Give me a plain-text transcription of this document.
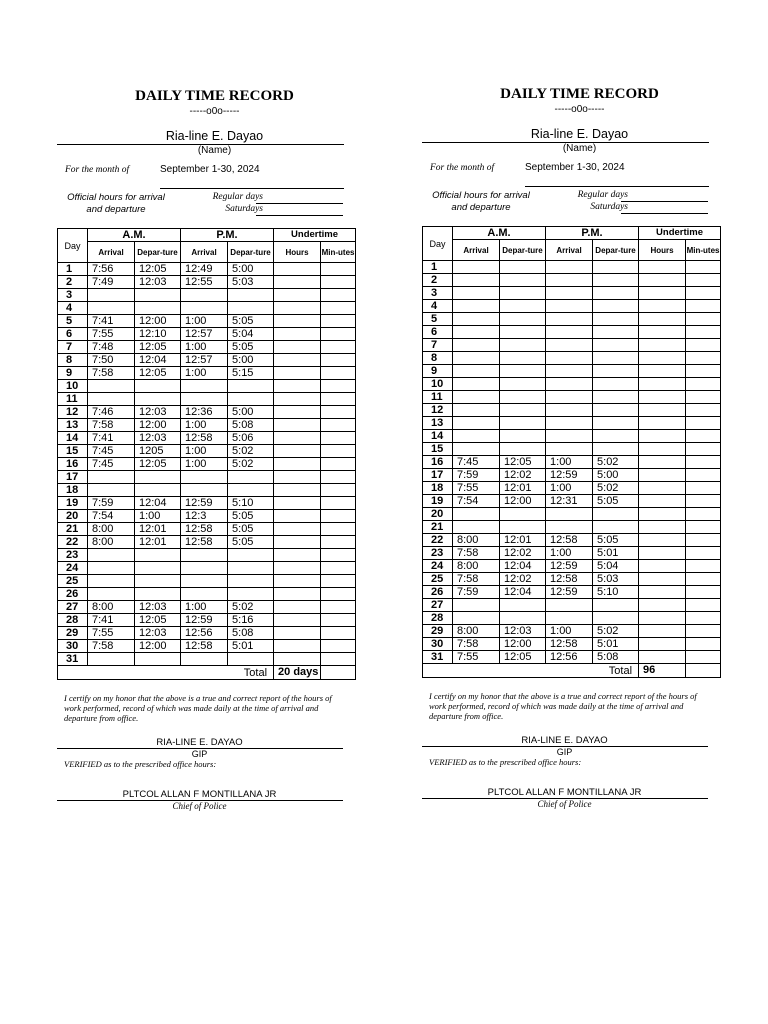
DAILY TIME RECORD
-----o0o-----
Ria-line E. Dayao
(Name)
For the month of	September 1-30, 2024
Official hours for arrival and departure
Regular days
Saturdays
Day	A.M.		P.M.		Undertime	
	Arrival	Depar-ture	Arrival	Depar-ture	Hours	Min-utes
1	7:56	12:05	12:49	5:00		
2	7:49	12:03	12:55	5:03		
3						
4						
5	7:41	12:00	1:00	5:05		
6	7:55	12:10	12:57	5:04		
7	7:48	12:05	1:00	5:05		
8	7:50	12:04	12:57	5:00		
9	7:58	12:05	1:00	5:15		
10						
11						
12	7:46	12:03	12:36	5:00		
13	7:58	12:00	1:00	5:08		
14	7:41	12:03	12:58	5:06		
15	7:45	1205	1:00	5:02		
16	7:45	12:05	1:00	5:02		
17						
18						
19	7:59	12:04	12:59	5:10		
20	7:54	1:00	12:3	5:05		
21	8:00	12:01	12:58	5:05		
22	8:00	12:01	12:58	5:05		
23						
24						
25						
26						
27	8:00	12:03	1:00	5:02		
28	7:41	12:05	12:59	5:16		
29	7:55	12:03	12:56	5:08		
30	7:58	12:00	12:58	5:01		
31						
Total					20 days	
I certify on my honor that the above is a true and correct report of the hours of work performed, record of which was made daily at the time of arrival and departure from office.
RIA-LINE E. DAYAO
GIP
VERIFIED as to the prescribed office hours:
PLTCOL ALLAN F MONTILLANA JR
Chief of Police
DAILY TIME RECORD
-----o0o-----
Ria-line E. Dayao
(Name)
For the month of	September 1-30, 2024
Official hours for arrival and departure
Regular days
Saturdays
Day	A.M.		P.M.		Undertime	
	Arrival	Depar-ture	Arrival	Depar-ture	Hours	Min-utes
1						
2						
3						
4						
5						
6						
7						
8						
9						
10						
11						
12						
13						
14						
15						
16	7:45	12:05	1:00	5:02		
17	7:59	12:02	12:59	5:00		
18	7:55	12:01	1:00	5:02		
19	7:54	12:00	12:31	5:05		
20						
21						
22	8:00	12:01	12:58	5:05		
23	7:58	12:02	1:00	5:01		
24	8:00	12:04	12:59	5:04		
25	7:58	12:02	12:58	5:03		
26	7:59	12:04	12:59	5:10		
27						
28						
29	8:00	12:03	1:00	5:02		
30	7:58	12:00	12:58	5:01		
31	7:55	12:05	12:56	5:08		
Total					96	
I certify on my honor that the above is a true and correct report of the hours of work performed, record of which was made daily at the time of arrival and departure from office.
RIA-LINE E. DAYAO
GIP
VERIFIED as to the prescribed office hours:
PLTCOL ALLAN F MONTILLANA JR
Chief of Police
